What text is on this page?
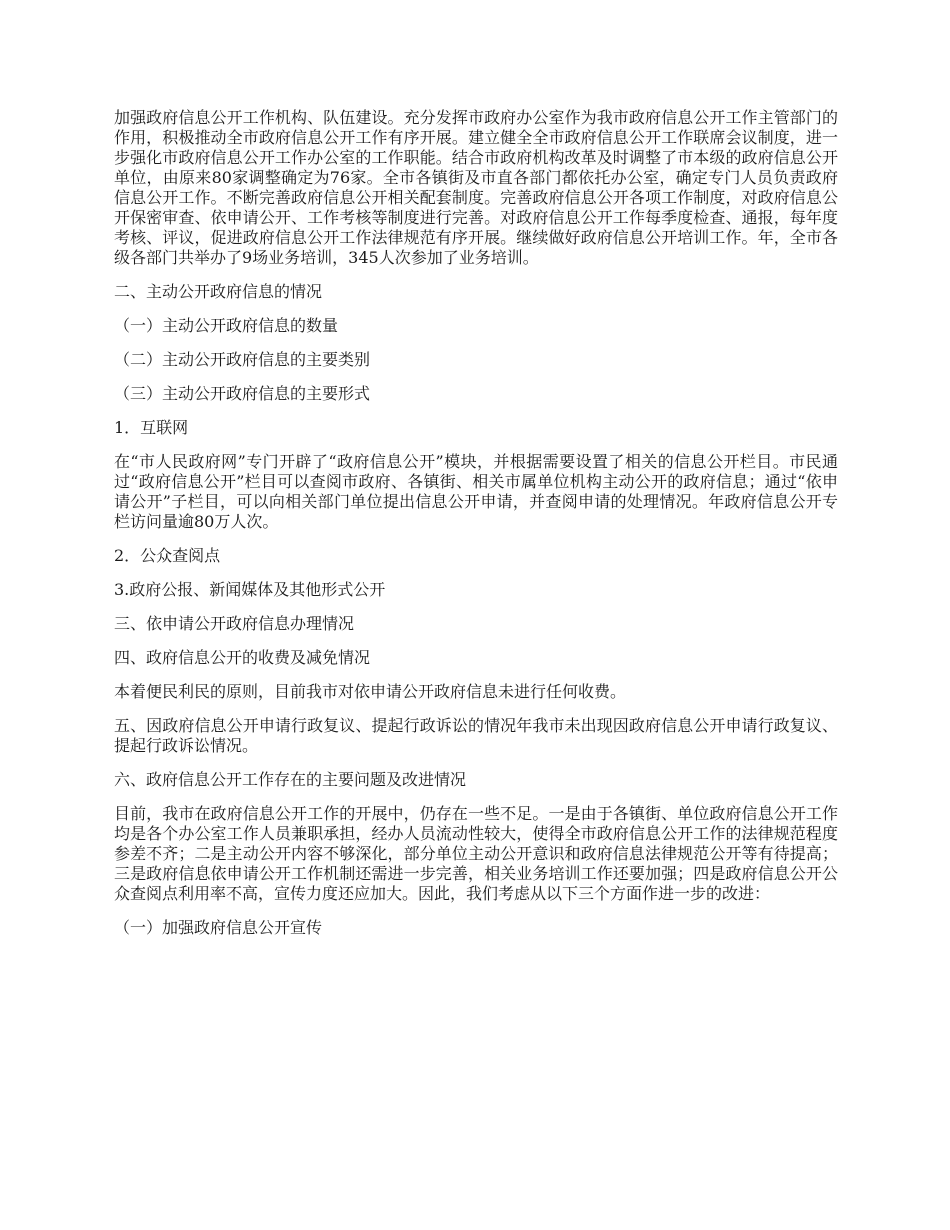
加强政府信息公开工作机构、队伍建设。充分发挥市政府办公室作为我市政府信息公开工作主管部门的作用，积极推动全市政府信息公开工作有序开展。建立健全全市政府信息公开工作联席会议制度，进一步强化市政府信息公开工作办公室的工作职能。结合市政府机构改革及时调整了市本级的政府信息公开单位，由原来80家调整确定为76家。全市各镇街及市直各部门都依托办公室，确定专门人员负责政府信息公开工作。不断完善政府信息公开相关配套制度。完善政府信息公开各项工作制度，对政府信息公开保密审查、依申请公开、工作考核等制度进行完善。对政府信息公开工作每季度检查、通报，每年度考核、评议，促进政府信息公开工作法律规范有序开展。继续做好政府信息公开培训工作。年，全市各级各部门共举办了9场业务培训，345人次参加了业务培训。

二、主动公开政府信息的情况

（一）主动公开政府信息的数量

（二）主动公开政府信息的主要类别

（三）主动公开政府信息的主要形式

1．互联网

在“市人民政府网”专门开辟了“政府信息公开”模块，并根据需要设置了相关的信息公开栏目。市民通过“政府信息公开”栏目可以查阅市政府、各镇街、相关市属单位机构主动公开的政府信息；通过“依申请公开”子栏目，可以向相关部门单位提出信息公开申请，并查阅申请的处理情况。年政府信息公开专栏访问量逾80万人次。

2．公众查阅点

3.政府公报、新闻媒体及其他形式公开

三、依申请公开政府信息办理情况

四、政府信息公开的收费及减免情况

本着便民利民的原则，目前我市对依申请公开政府信息未进行任何收费。

五、因政府信息公开申请行政复议、提起行政诉讼的情况年我市未出现因政府信息公开申请行政复议、提起行政诉讼情况。

六、政府信息公开工作存在的主要问题及改进情况

目前，我市在政府信息公开工作的开展中，仍存在一些不足。一是由于各镇街、单位政府信息公开工作均是各个办公室工作人员兼职承担，经办人员流动性较大，使得全市政府信息公开工作的法律规范程度参差不齐；二是主动公开内容不够深化，部分单位主动公开意识和政府信息法律规范公开等有待提高；三是政府信息依申请公开工作机制还需进一步完善，相关业务培训工作还要加强；四是政府信息公开公众查阅点利用率不高，宣传力度还应加大。因此，我们考虑从以下三个方面作进一步的改进：

（一）加强政府信息公开宣传
